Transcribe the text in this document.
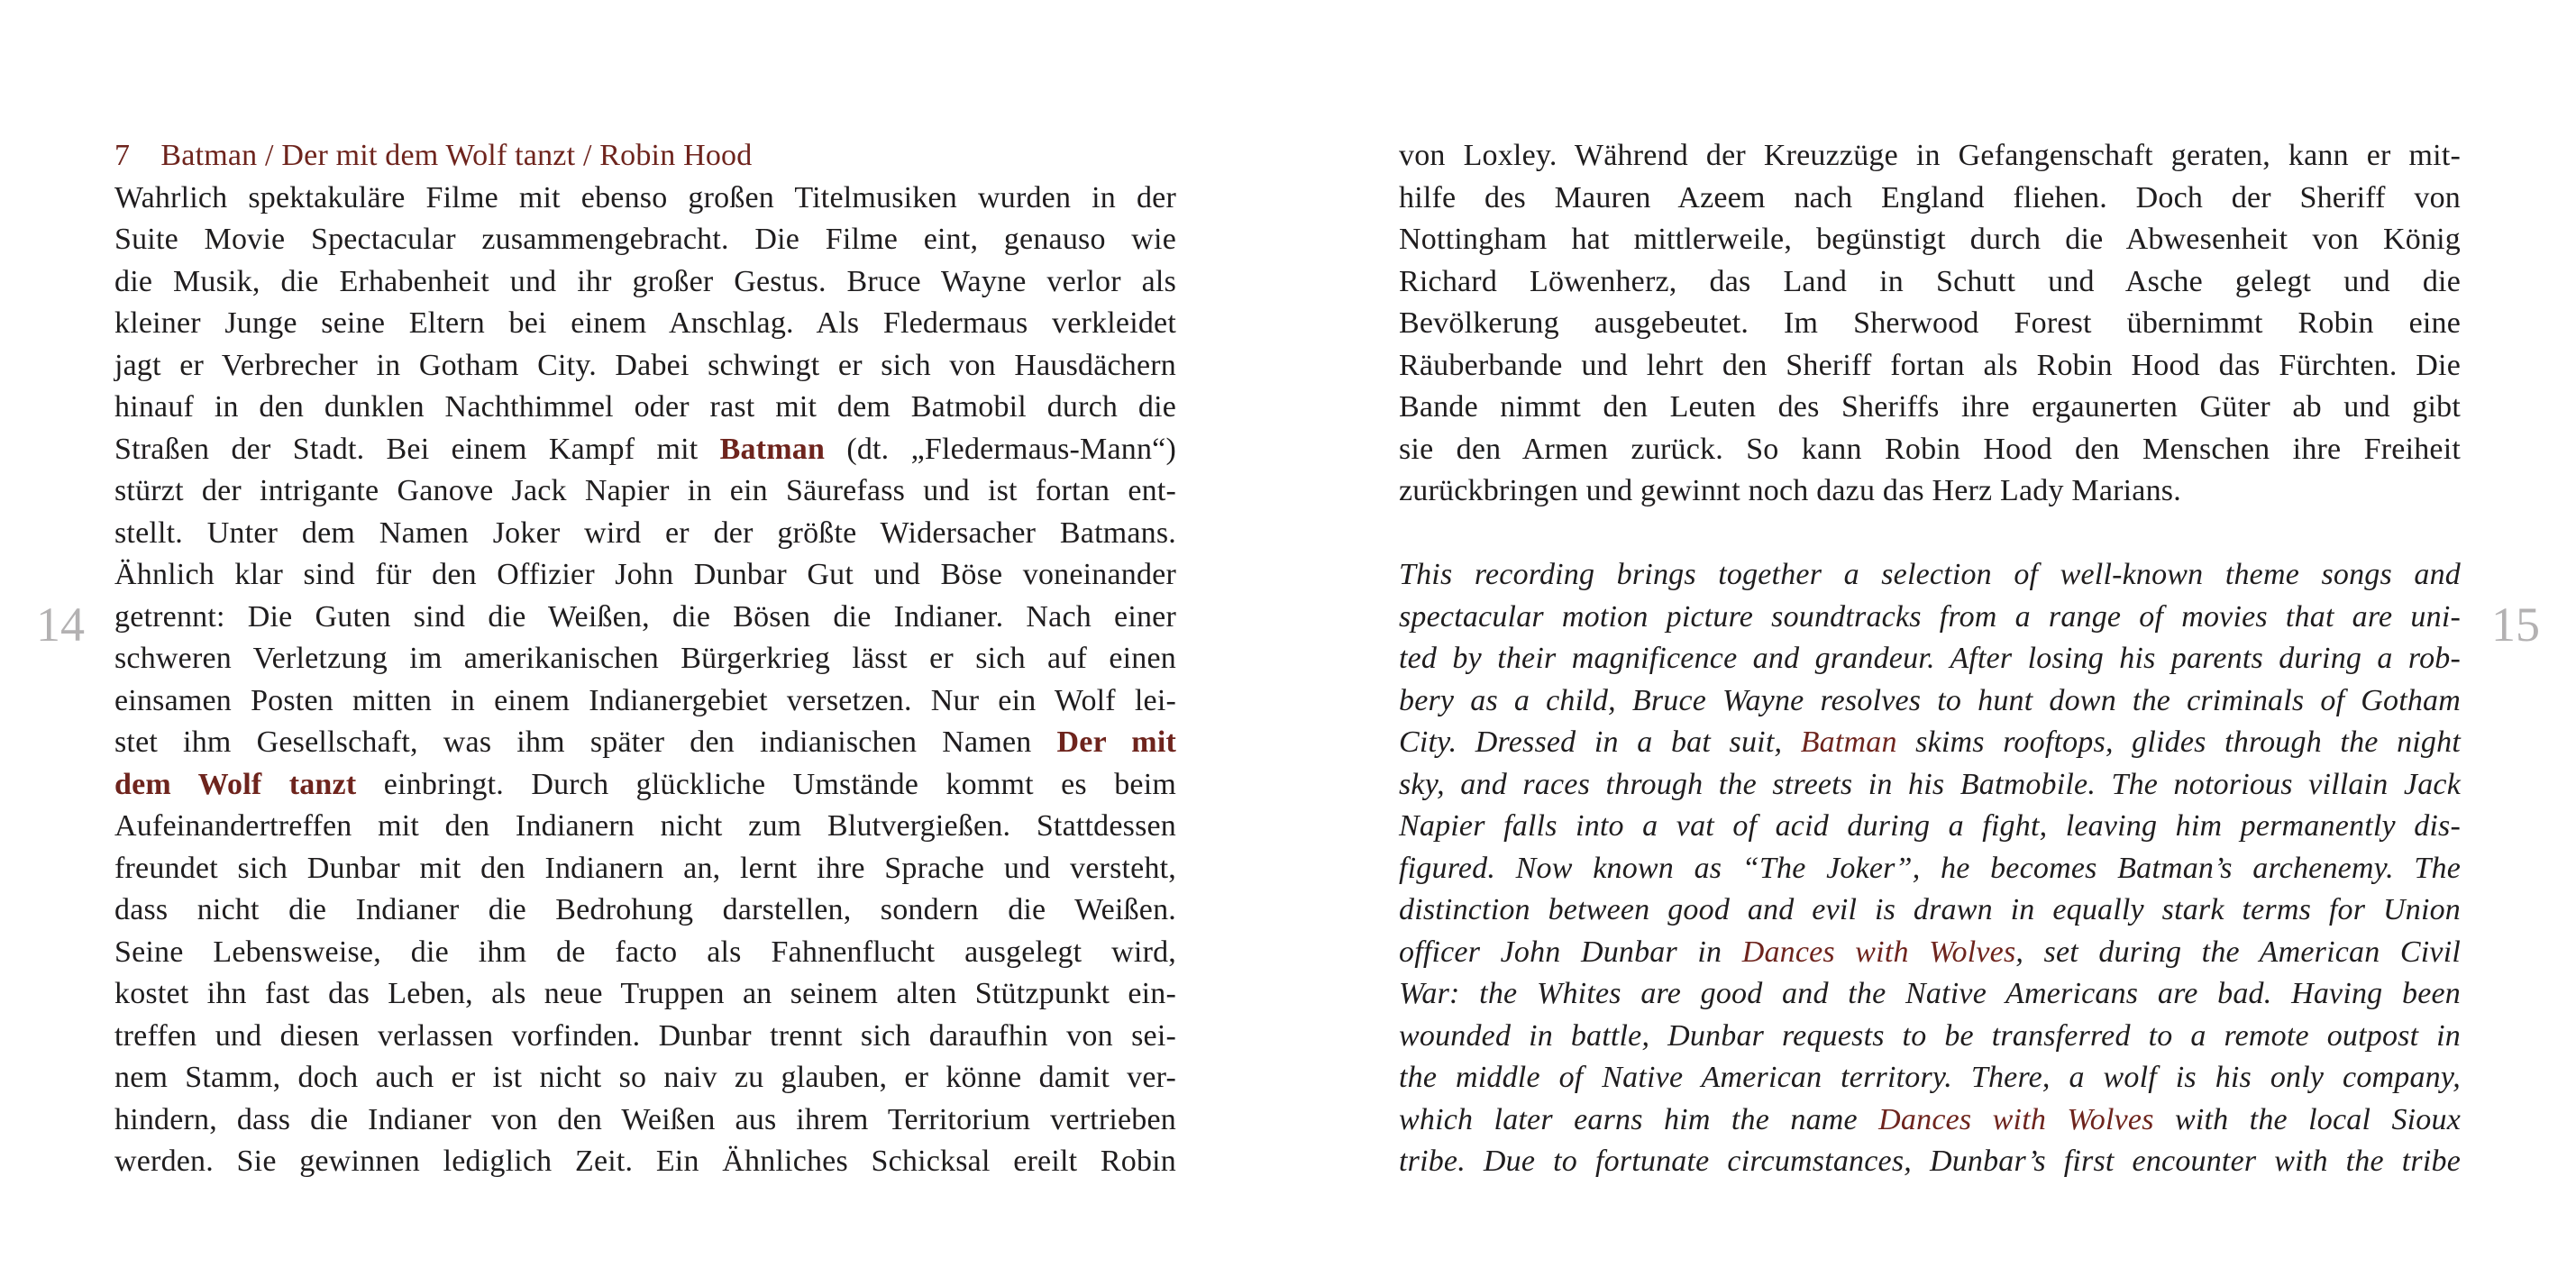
14
7 Batman / Der mit dem Wolf tanzt / Robin Hood
Wahrlich spektakuläre Filme mit ebenso großen Titelmusiken wurden in der
Suite Movie Spectacular zusammengebracht. Die Filme eint, genauso wie
die Musik, die Erhabenheit und ihr großer Gestus. Bruce Wayne verlor als
kleiner Junge seine Eltern bei einem Anschlag. Als Fledermaus verkleidet
jagt er Verbrecher in Gotham City. Dabei schwingt er sich von Hausdächern
hinauf in den dunklen Nachthimmel oder rast mit dem Batmobil durch die
Straßen der Stadt. Bei einem Kampf mit Batman (dt. „Fledermaus-Mann“)
stürzt der intrigante Ganove Jack Napier in ein Säurefass und ist fortan ent-
stellt. Unter dem Namen Joker wird er der größte Widersacher Batmans.
Ähnlich klar sind für den Offizier John Dunbar Gut und Böse voneinander
getrennt: Die Guten sind die Weißen, die Bösen die Indianer. Nach einer
schweren Verletzung im amerikanischen Bürgerkrieg lässt er sich auf einen
einsamen Posten mitten in einem Indianergebiet versetzen. Nur ein Wolf lei-
stet ihm Gesellschaft, was ihm später den indianischen Namen Der mit
dem Wolf tanzt einbringt. Durch glückliche Umstände kommt es beim
Aufeinandertreffen mit den Indianern nicht zum Blutvergießen. Stattdessen
freundet sich Dunbar mit den Indianern an, lernt ihre Sprache und versteht,
dass nicht die Indianer die Bedrohung darstellen, sondern die Weißen.
Seine Lebensweise, die ihm de facto als Fahnenflucht ausgelegt wird,
kostet ihn fast das Leben, als neue Truppen an seinem alten Stützpunkt ein-
treffen und diesen verlassen vorfinden. Dunbar trennt sich daraufhin von sei-
nem Stamm, doch auch er ist nicht so naiv zu glauben, er könne damit ver-
hindern, dass die Indianer von den Weißen aus ihrem Territorium vertrieben
werden. Sie gewinnen lediglich Zeit. Ein Ähnliches Schicksal ereilt Robin
von Loxley. Während der Kreuzzüge in Gefangenschaft geraten, kann er mit-
hilfe des Mauren Azeem nach England fliehen. Doch der Sheriff von
Nottingham hat mittlerweile, begünstigt durch die Abwesenheit von König
Richard Löwenherz, das Land in Schutt und Asche gelegt und die
Bevölkerung ausgebeutet. Im Sherwood Forest übernimmt Robin eine
Räuberbande und lehrt den Sheriff fortan als Robin Hood das Fürchten. Die
Bande nimmt den Leuten des Sheriffs ihre ergaunerten Güter ab und gibt
sie den Armen zurück. So kann Robin Hood den Menschen ihre Freiheit
zurückbringen und gewinnt noch dazu das Herz Lady Marians.
This recording brings together a selection of well-known theme songs and
spectacular motion picture soundtracks from a range of movies that are uni-
ted by their magnificence and grandeur. After losing his parents during a rob-
bery as a child, Bruce Wayne resolves to hunt down the criminals of Gotham
City. Dressed in a bat suit, Batman skims rooftops, glides through the night
sky, and races through the streets in his Batmobile. The notorious villain Jack
Napier falls into a vat of acid during a fight, leaving him permanently dis-
figured. Now known as “The Joker”, he becomes Batman’s archenemy. The
distinction between good and evil is drawn in equally stark terms for Union
officer John Dunbar in Dances with Wolves, set during the American Civil
War: the Whites are good and the Native Americans are bad. Having been
wounded in battle, Dunbar requests to be transferred to a remote outpost in
the middle of Native American territory. There, a wolf is his only company,
which later earns him the name Dances with Wolves with the local Sioux
tribe. Due to fortunate circumstances, Dunbar’s first encounter with the tribe
15
